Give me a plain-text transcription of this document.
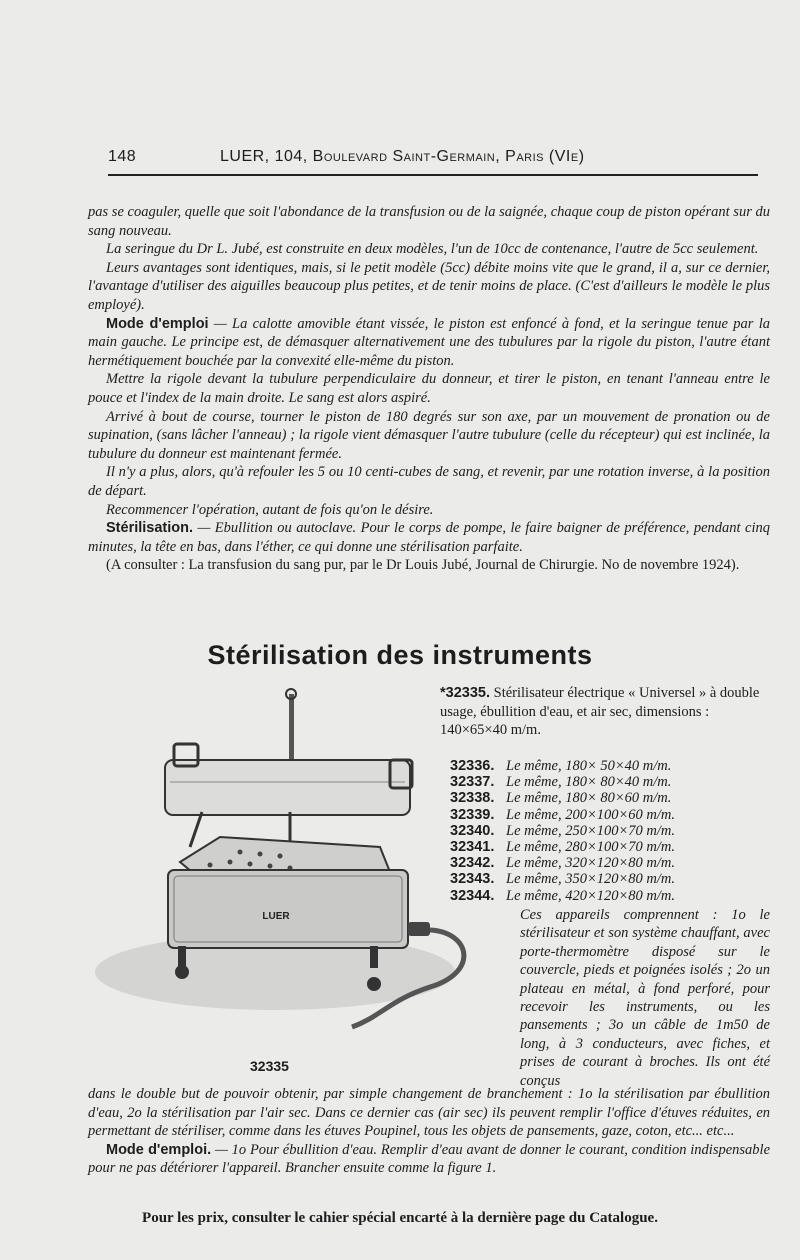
148	LUER, 104, Boulevard Saint-Germain, Paris (VIe)

pas se coaguler, quelle que soit l'abondance de la transfusion ou de la saignée, chaque coup de piston opérant sur du sang nouveau.

La seringue du Dr L. Jubé, est construite en deux modèles, l'un de 10cc de contenance, l'autre de 5cc seulement.

Leurs avantages sont identiques, mais, si le petit modèle (5cc) débite moins vite que le grand, il a, sur ce dernier, l'avantage d'utiliser des aiguilles beaucoup plus petites, et de tenir moins de place. (C'est d'ailleurs le modèle le plus employé).

Mode d'emploi — La calotte amovible étant vissée, le piston est enfoncé à fond, et la seringue tenue par la main gauche. Le principe est, de démasquer alternativement une des tubulures par la rigole du piston, l'autre étant hermétiquement bouchée par la convexité elle-même du piston.

Mettre la rigole devant la tubulure perpendiculaire du donneur, et tirer le piston, en tenant l'anneau entre le pouce et l'index de la main droite. Le sang est alors aspiré.

Arrivé à bout de course, tourner le piston de 180 degrés sur son axe, par un mouvement de pronation ou de supination, (sans lâcher l'anneau) ; la rigole vient démasquer l'autre tubulure (celle du récepteur) qui est inclinée, la tubulure du donneur est maintenant fermée.

Il n'y a plus, alors, qu'à refouler les 5 ou 10 centi-cubes de sang, et revenir, par une rotation inverse, à la position de départ.

Recommencer l'opération, autant de fois qu'on le désire.

Stérilisation. — Ebullition ou autoclave. Pour le corps de pompe, le faire baigner de préférence, pendant cinq minutes, la tête en bas, dans l'éther, ce qui donne une stérilisation parfaite.

(A consulter : La transfusion du sang pur, par le Dr Louis Jubé, Journal de Chirurgie. No de novembre 1924).

Stérilisation des instruments
LUER
32335
*32335. Stérilisateur électrique « Universel » à double usage, ébullition d'eau, et air sec, dimensions : 140×65×40 m/m.
32336. Le même, 180× 50×40 m/m.
32337. Le même, 180× 80×40 m/m.
32338. Le même, 180× 80×60 m/m.
32339. Le même, 200×100×60 m/m.
32340. Le même, 250×100×70 m/m.
32341. Le même, 280×100×70 m/m.
32342. Le même, 320×120×80 m/m.
32343. Le même, 350×120×80 m/m.
32344. Le même, 420×120×80 m/m.
Ces appareils comprennent : 1o le stérilisateur et son système chauffant, avec porte-thermomètre disposé sur le couvercle, pieds et poignées isolés ; 2o un plateau en métal, à fond perforé, pour recevoir les instruments, ou les pansements ; 3o un câble de 1m50 de long, à 3 conducteurs, avec fiches, et prises de courant à broches. Ils ont été conçus

dans le double but de pouvoir obtenir, par simple changement de branchement : 1o la stérilisation par ébullition d'eau, 2o la stérilisation par l'air sec. Dans ce dernier cas (air sec) ils peuvent remplir l'office d'étuves réduites, en permettant de stériliser, comme dans les étuves Poupinel, tous les objets de pansements, gaze, coton, etc... etc...

Mode d'emploi. — 1o Pour ébullition d'eau. Remplir d'eau avant de donner le courant, condition indispensable pour ne pas détériorer l'appareil. Brancher ensuite comme la figure 1.

Pour les prix, consulter le cahier spécial encarté à la dernière page du Catalogue.
